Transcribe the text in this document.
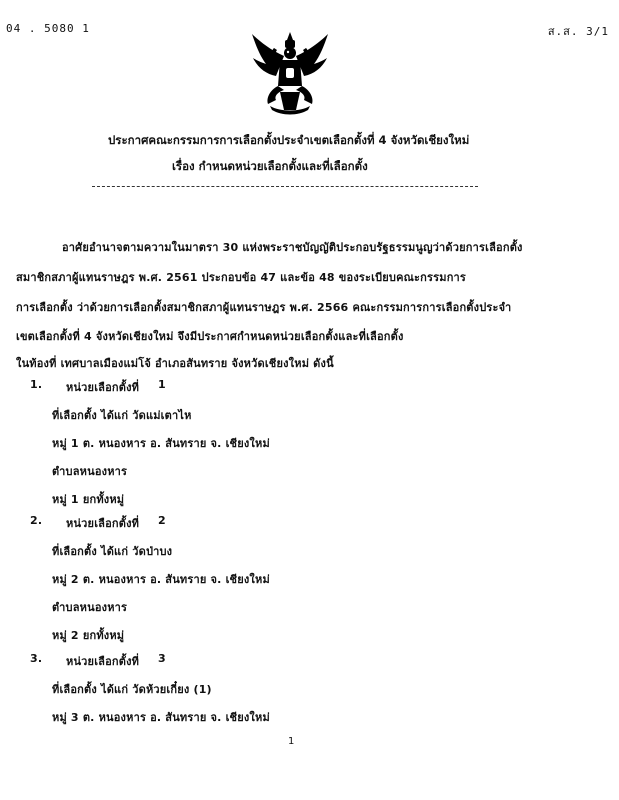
04 . 5080 1	ส.ส. 3/1
ประกาศคณะกรรมการการเลือกตั้งประจำเขตเลือกตั้งที่ 4 จังหวัดเชียงใหม่
เรื่อง กำหนดหน่วยเลือกตั้งและที่เลือกตั้ง
อาศัยอำนาจตามความในมาตรา 30 แห่งพระราชบัญญัติประกอบรัฐธรรมนูญว่าด้วยการเลือกตั้ง
สมาชิกสภาผู้แทนราษฎร พ.ศ. 2561 ประกอบข้อ 47 และข้อ 48 ของระเบียบคณะกรรมการ
การเลือกตั้ง ว่าด้วยการเลือกตั้งสมาชิกสภาผู้แทนราษฎร พ.ศ. 2566 คณะกรรมการการเลือกตั้งประจำ
เขตเลือกตั้งที่ 4 จังหวัดเชียงใหม่ จึงมีประกาศกำหนดหน่วยเลือกตั้งและที่เลือกตั้ง
ในท้องที่ เทศบาลเมืองแม่โจ้ อำเภอสันทราย จังหวัดเชียงใหม่ ดังนี้
1. หน่วยเลือกตั้งที่ 1
ที่เลือกตั้ง ได้แก่ วัดแม่เตาไห
หมู่ 1 ต. หนองหาร อ. สันทราย จ. เชียงใหม่
ตำบลหนองหาร
หมู่ 1 ยกทั้งหมู่
2. หน่วยเลือกตั้งที่ 2
ที่เลือกตั้ง ได้แก่ วัดป่าบง
หมู่ 2 ต. หนองหาร อ. สันทราย จ. เชียงใหม่
ตำบลหนองหาร
หมู่ 2 ยกทั้งหมู่
3. หน่วยเลือกตั้งที่ 3
ที่เลือกตั้ง ได้แก่ วัดห้วยเกี๋ยง (1)
หมู่ 3 ต. หนองหาร อ. สันทราย จ. เชียงใหม่
1
